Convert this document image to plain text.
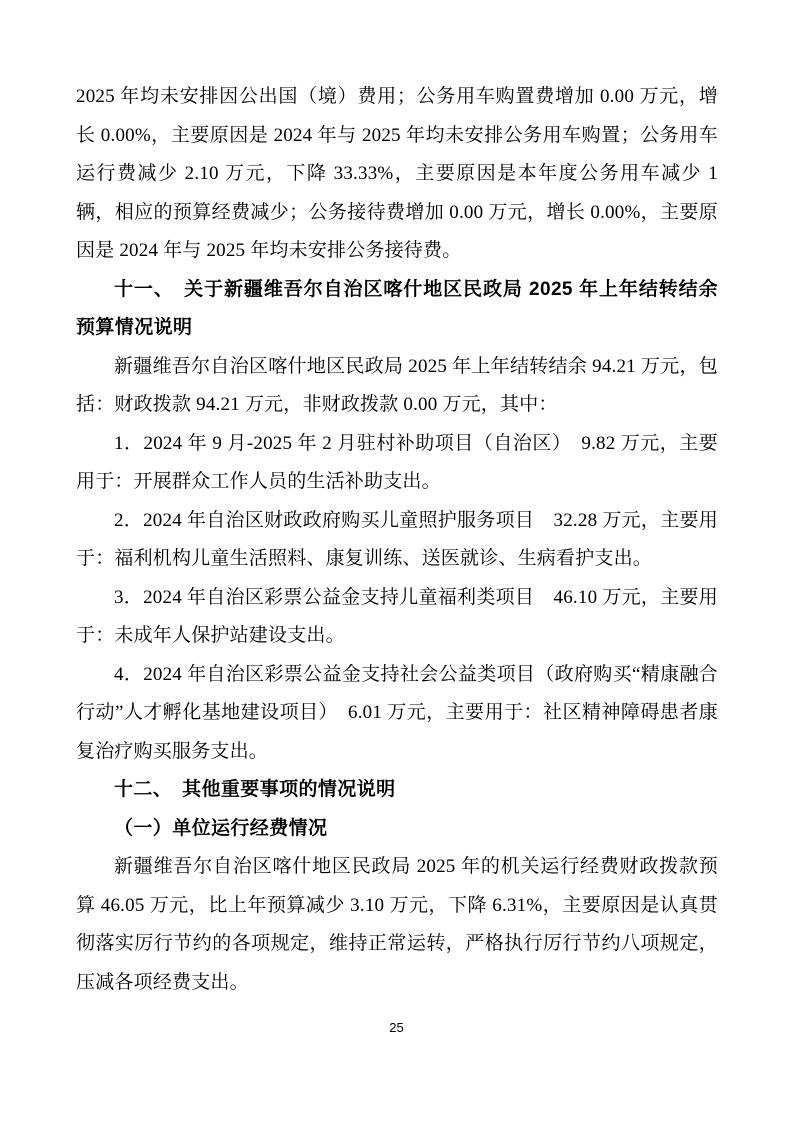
2025 年均未安排因公出国（境）费用；公务用车购置费增加 0.00 万元，增长 0.00%，主要原因是 2024 年与 2025 年均未安排公务用车购置；公务用车运行费减少 2.10 万元，下降 33.33%，主要原因是本年度公务用车减少 1 辆，相应的预算经费减少；公务接待费增加 0.00 万元，增长 0.00%，主要原因是 2024 年与 2025 年均未安排公务接待费。

十一、　关于新疆维吾尔自治区喀什地区民政局 2025 年上年结转结余预算情况说明

新疆维吾尔自治区喀什地区民政局 2025 年上年结转结余 94.21 万元，包括：财政拨款 94.21 万元，非财政拨款 0.00 万元，其中：

1．2024 年 9 月-2025 年 2 月驻村补助项目（自治区）　9.82 万元，主要用于：开展群众工作人员的生活补助支出。

2．2024 年自治区财政政府购买儿童照护服务项目　32.28 万元，主要用于：福利机构儿童生活照料、康复训练、送医就诊、生病看护支出。

3．2024 年自治区彩票公益金支持儿童福利类项目　46.10 万元，主要用于：未成年人保护站建设支出。

4．2024 年自治区彩票公益金支持社会公益类项目（政府购买“精康融合行动”人才孵化基地建设项目）　6.01 万元，主要用于：社区精神障碍患者康复治疗购买服务支出。

十二、　其他重要事项的情况说明

（一）单位运行经费情况

新疆维吾尔自治区喀什地区民政局 2025 年的机关运行经费财政拨款预算 46.05 万元，比上年预算减少 3.10 万元，下降 6.31%，主要原因是认真贯彻落实厉行节约的各项规定，维持正常运转，严格执行厉行节约八项规定，压减各项经费支出。

25
